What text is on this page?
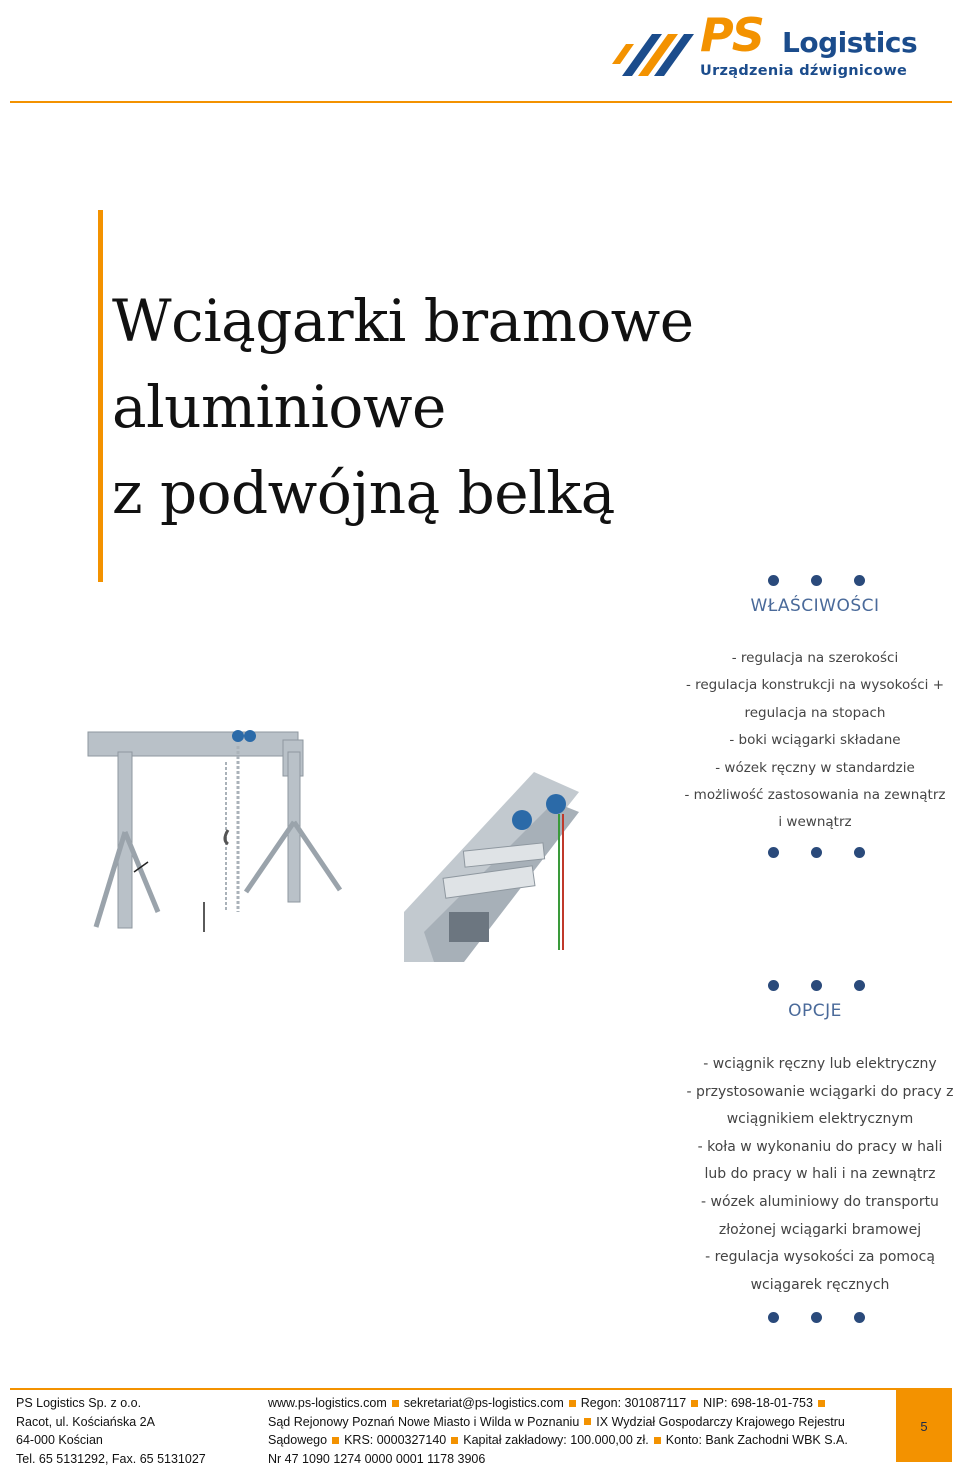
PS Logistics
Urządzenia dźwignicowe
Wciągarki bramowe
aluminiowe
z podwójną belką
WŁAŚCIWOŚCI
- regulacja na szerokości
- regulacja konstrukcji na wysokości +
regulacja na stopach
- boki wciągarki składane
- wózek ręczny w standardzie
- możliwość zastosowania na zewnątrz
i wewnątrz
OPCJE
- wciągnik ręczny lub elektryczny
- przystosowanie wciągarki do pracy z
wciągnikiem elektrycznym
- koła w wykonaniu do pracy w hali
lub do pracy w hali i na zewnątrz
- wózek aluminiowy do transportu
złożonej wciągarki bramowej
- regulacja wysokości za pomocą
wciągarek ręcznych
PS Logistics Sp. z o.o.
Racot, ul. Kościańska 2A
64-000 Kościan
Tel. 65 5131292, Fax. 65 5131027
www.ps-logistics.com sekretariat@ps-logistics.com Regon: 301087117 NIP: 698-18-01-753
Sąd Rejonowy Poznań Nowe Miasto i Wilda w Poznaniu IX Wydział Gospodarczy Krajowego Rejestru
Sądowego KRS: 0000327140 Kapitał zakładowy: 100.000,00 zł. Konto: Bank Zachodni WBK S.A.
Nr 47 1090 1274 0000 0001 1178 3906
5
